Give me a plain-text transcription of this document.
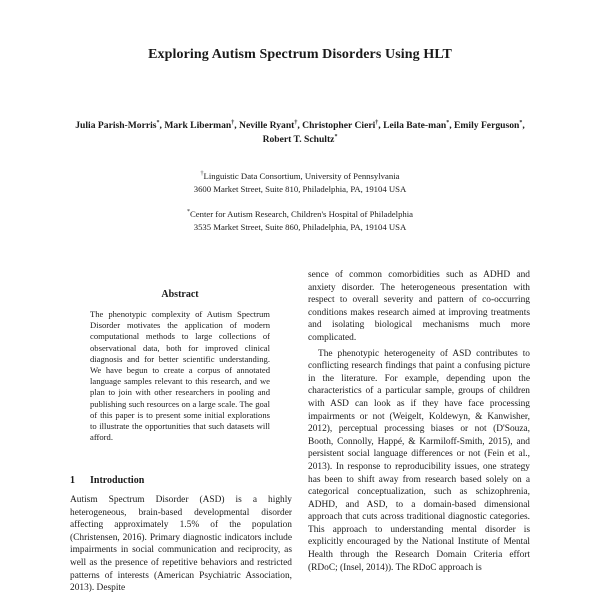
Exploring Autism Spectrum Disorders Using HLT
Julia Parish-Morris*, Mark Liberman†, Neville Ryant†, Christopher Cieri†, Leila Bate-man*, Emily Ferguson*, Robert T. Schultz*
†Linguistic Data Consortium, University of Pennsylvania
3600 Market Street, Suite 810, Philadelphia, PA, 19104 USA
*Center for Autism Research, Children's Hospital of Philadelphia
3535 Market Street, Suite 860, Philadelphia, PA, 19104 USA
Abstract
The phenotypic complexity of Autism Spectrum Disorder motivates the application of modern computational methods to large collections of observational data, both for improved clinical diagnosis and for better scientific understanding. We have begun to create a corpus of annotated language samples relevant to this research, and we plan to join with other researchers in pooling and publishing such resources on a large scale. The goal of this paper is to present some initial explorations to illustrate the opportunities that such datasets will afford.
1 Introduction

Autism Spectrum Disorder (ASD) is a highly heterogeneous, brain-based developmental disorder affecting approximately 1.5% of the population (Christensen, 2016). Primary diagnostic indicators include impairments in social communication and reciprocity, as well as the presence of repetitive behaviors and restricted patterns of interests (American Psychiatric Association, 2013). Despite

sence of common comorbidities such as ADHD and anxiety disorder. The heterogeneous presentation with respect to overall severity and pattern of co-occurring conditions makes research aimed at improving treatments and isolating biological mechanisms much more complicated.

The phenotypic heterogeneity of ASD contributes to conflicting research findings that paint a confusing picture in the literature. For example, depending upon the characteristics of a particular sample, groups of children with ASD can look as if they have face processing impairments or not (Weigelt, Koldewyn, & Kanwisher, 2012), perceptual processing biases or not (D'Souza, Booth, Connolly, Happé, & Karmiloff-Smith, 2015), and persistent social language differences or not (Fein et al., 2013). In response to reproducibility issues, one strategy has been to shift away from research based solely on a categorical conceptualization, such as schizophrenia, ADHD, and ASD, to a domain-based dimensional approach that cuts across traditional diagnostic categories. This approach to understanding mental disorder is explicitly encouraged by the National Institute of Mental Health through the Research Domain Criteria effort (RDoC; (Insel, 2014)). The RDoC approach is
